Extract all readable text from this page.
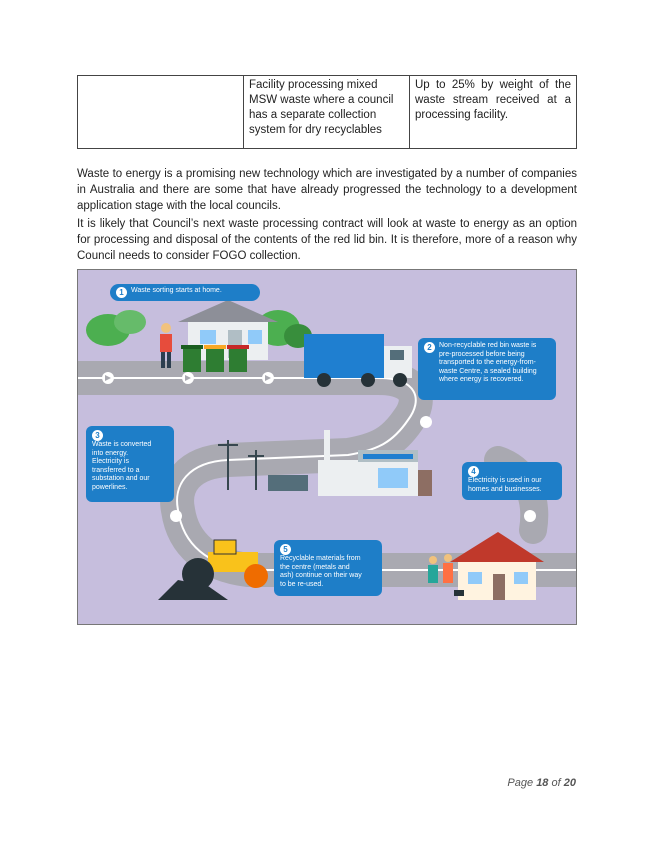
	Facility processing mixed MSW waste where a council has a separate collection system for dry recyclables	Up to 25% by weight of the waste stream received at a processing facility.

Waste to energy is a promising new technology which are investigated by a number of companies in Australia and there are some that have already progressed the technology to a development application stage with the local councils.

It is likely that Council’s next waste processing contract will look at waste to energy as an option for processing and disposal of the contents of the red lid bin. It is therefore, more of a reason why Council needs to consider FOGO collection.

1 Waste sorting starts at home.
2 Non-recyclable red bin waste is pre-processed before being transported to the energy-from-waste Centre, a sealed building where energy is recovered.
3Waste is converted into energy. Electricity is transferred to a substation and our powerlines.
4Electricity is used in our homes and businesses.
5Recyclable materials from the centre (metals and ash) continue on their way to be re-used.
Page 18 of 20
